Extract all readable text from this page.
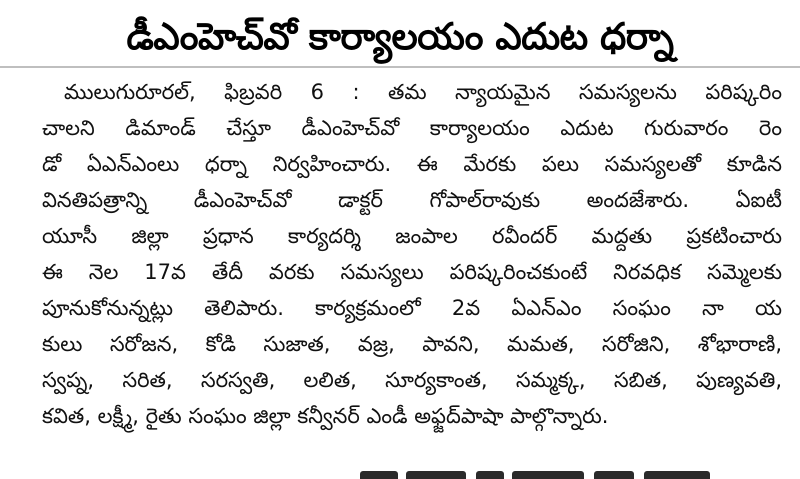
డీఎంహెచ్‌వో కార్యాలయం ఎదుట ధర్నా
ములుగురూరల్, ఫిబ్రవరి 6 : తమ న్యాయమైన సమస్యలను పరిష్కరిం
చాలని డిమాండ్ చేస్తూ డీఎంహెచ్‌వో కార్యాలయం ఎదుట గురువారం రెం
డో ఏఎన్‌ఎంలు ధర్నా నిర్వహించారు. ఈ మేరకు పలు సమస్యలతో కూడిన
వినతిపత్రాన్ని డీఎంహెచ్‌వో డాక్టర్ గోపాల్‌రావుకు అందజేశారు. ఏఐటీ
యూసీ జిల్లా ప్రధాన కార్యదర్శి జంపాల రవీందర్ మద్దతు ప్రకటించారు
ఈ నెల 17వ తేదీ వరకు సమస్యలు పరిష్కరించకుంటే నిరవధిక సమ్మెలకు
పూనుకోనున్నట్లు తెలిపారు. కార్యక్రమంలో 2వ ఏఎన్‌ఎం సంఘం నా య
కులు సరోజన, కోడి సుజాత, వజ్ర, పావని, మమత, సరోజిని, శోభారాణి,
స్వప్న, సరిత, సరస్వతి, లలిత, సూర్యకాంత, సమ్మక్క, సబిత, పుణ్యవతి,
కవిత, లక్ష్మీ, రైతు సంఘం జిల్లా కన్వీనర్ ఎండీ అఫ్జద్‌పాషా పాల్గొన్నారు.
